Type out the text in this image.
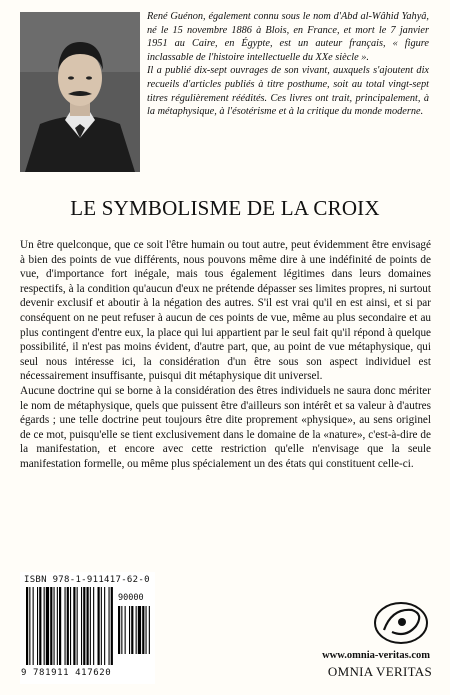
René Guénon, également connu sous le nom d'Abd al-Wâhid Yahyâ, né le 15 novembre 1886 à Blois, en France, et mort le 7 janvier 1951 au Caire, en Égypte, est un auteur français, « figure inclassable de l'histoire intellectuelle du XXe siècle ».

Il a publié dix-sept ouvrages de son vivant, auxquels s'ajoutent dix recueils d'articles publiés à titre posthume, soit au total vingt-sept titres régulièrement réédités. Ces livres ont trait, principalement, à la métaphysique, à l'ésotérisme et à la critique du monde moderne.

LE SYMBOLISME DE LA CROIX

Un être quelconque, que ce soit l'être humain ou tout autre, peut évidemment être envisagé à bien des points de vue différents, nous pouvons même dire à une indéfinité de points de vue, d'importance fort inégale, mais tous également légitimes dans leurs domaines respectifs, à la condition qu'aucun d'eux ne prétende dépasser ses limites propres, ni surtout devenir exclusif et aboutir à la négation des autres. S'il est vrai qu'il en est ainsi, et si par conséquent on ne peut refuser à aucun de ces points de vue, même au plus secondaire et au plus contingent d'entre eux, la place qui lui appartient par le seul fait qu'il répond à quelque possibilité, il n'est pas moins évident, d'autre part, que, au point de vue métaphysique, qui seul nous intéresse ici, la considération d'un être sous son aspect individuel est nécessairement insuffisante, puisqui dit métaphysique dit universel.

Aucune doctrine qui se borne à la considération des êtres individuels ne saura donc mériter le nom de métaphysique, quels que puissent être d'ailleurs son intérêt et sa valeur à d'autres égards ; une telle doctrine peut toujours être dite proprement «physique», au sens originel de ce mot, puisqu'elle se tient exclusivement dans le domaine de la «nature», c'est-à-dire de la manifestation, et encore avec cette restriction qu'elle n'envisage que la seule manifestation formelle, ou même plus spécialement un des états qui constituent celle-ci.

ISBN 978-1-911417-62-0
90000
9 781911 417620
www.omnia-veritas.com
OMNIA VERITAS
